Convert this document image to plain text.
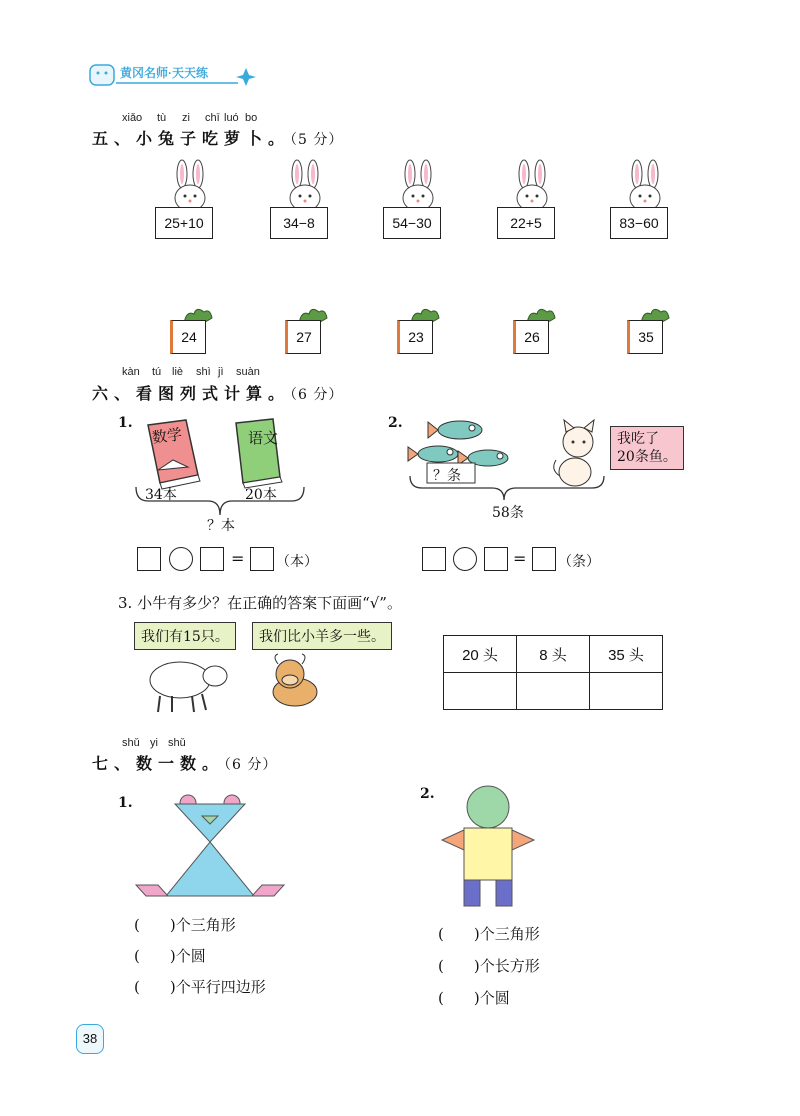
黄冈名师·天天练
xiǎo tù zi chī luó bo
五、小兔子吃萝卜。（5 分）
25+10	34−8	54−30	22+5	83−60
24	27	23	26	35
kàn tú liè shì jì suàn
六、看图列式计算。（6 分）
1.
数学	语文
34本	20本
？本
= （本）
2.
？条
我吃了
20条鱼。
58条
= （条）
3. 小牛有多少？在正确的答案下面画“√”。
我们有15只。	我们比小羊多一些。
20 头	8 头	35 头

shǔ yi shǔ
七、数一数。（6 分）
1.
(　　)个三角形
(　　)个圆
(　　)个平行四边形
2.
(　　)个三角形
(　　)个长方形
(　　)个圆
38
